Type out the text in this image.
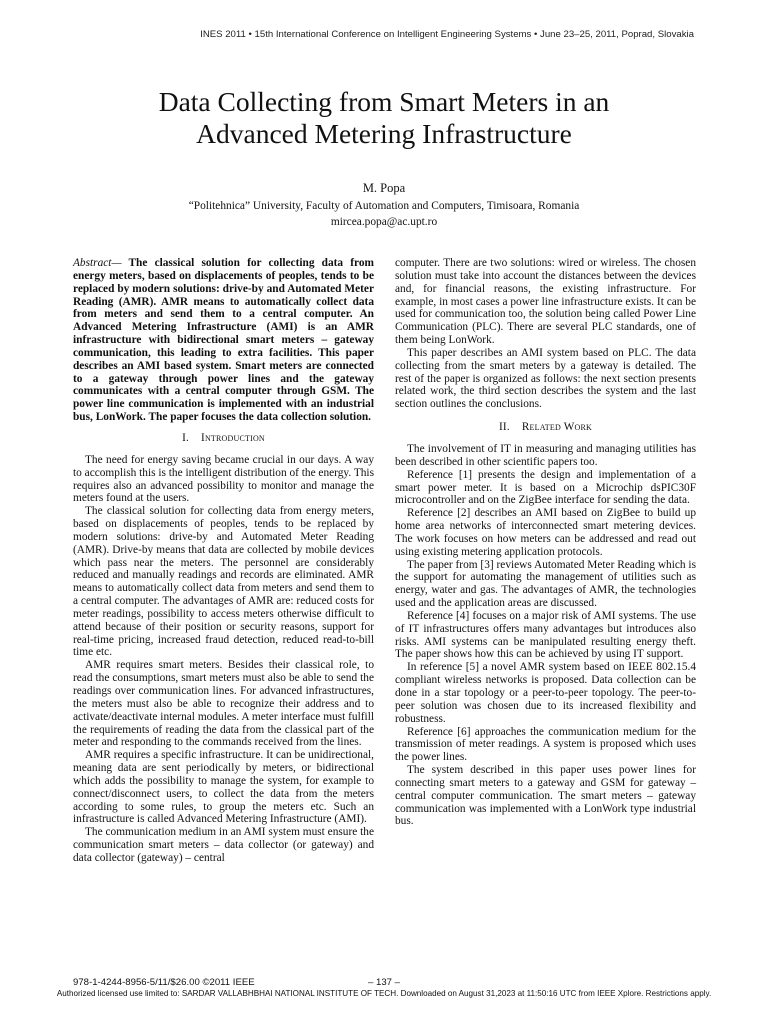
INES 2011 • 15th International Conference on Intelligent Engineering Systems • June 23–25, 2011, Poprad, Slovakia
Data Collecting from Smart Meters in an
Advanced Metering Infrastructure
M. Popa
“Politehnica” University, Faculty of Automation and Computers, Timisoara, Romania
mircea.popa@ac.upt.ro

Abstract— The classical solution for collecting data from energy meters, based on displacements of peoples, tends to be replaced by modern solutions: drive-by and Automated Meter Reading (AMR). AMR means to automatically collect data from meters and send them to a central computer. An Advanced Metering Infrastructure (AMI) is an AMR infrastructure with bidirectional smart meters – gateway communication, this leading to extra facilities. This paper describes an AMI based system. Smart meters are connected to a gateway through power lines and the gateway communicates with a central computer through GSM. The power line communication is implemented with an industrial bus, LonWork. The paper focuses the data collection solution.

I. Introduction

The need for energy saving became crucial in our days. A way to accomplish this is the intelligent distribution of the energy. This requires also an advanced possibility to monitor and manage the meters found at the users.

The classical solution for collecting data from energy meters, based on displacements of peoples, tends to be replaced by modern solutions: drive-by and Automated Meter Reading (AMR). Drive-by means that data are collected by mobile devices which pass near the meters. The personnel are considerably reduced and manually readings and records are eliminated. AMR means to automatically collect data from meters and send them to a central computer. The advantages of AMR are: reduced costs for meter readings, possibility to access meters otherwise difficult to attend because of their position or security reasons, support for real-time pricing, increased fraud detection, reduced read-to-bill time etc.

AMR requires smart meters. Besides their classical role, to read the consumptions, smart meters must also be able to send the readings over communication lines. For advanced infrastructures, the meters must also be able to recognize their address and to activate/deactivate internal modules. A meter interface must fulfill the requirements of reading the data from the classical part of the meter and responding to the commands received from the lines.

AMR requires a specific infrastructure. It can be unidirectional, meaning data are sent periodically by meters, or bidirectional which adds the possibility to manage the system, for example to connect/disconnect users, to collect the data from the meters according to some rules, to group the meters etc. Such an infrastructure is called Advanced Metering Infrastructure (AMI).

The communication medium in an AMI system must ensure the communication smart meters – data collector (or gateway) and data collector (gateway) – central

computer. There are two solutions: wired or wireless. The chosen solution must take into account the distances between the devices and, for financial reasons, the existing infrastructure. For example, in most cases a power line infrastructure exists. It can be used for communication too, the solution being called Power Line Communication (PLC). There are several PLC standards, one of them being LonWork.

This paper describes an AMI system based on PLC. The data collecting from the smart meters by a gateway is detailed. The rest of the paper is organized as follows: the next section presents related work, the third section describes the system and the last section outlines the conclusions.

II. Related Work

The involvement of IT in measuring and managing utilities has been described in other scientific papers too.

Reference [1] presents the design and implementation of a smart power meter. It is based on a Microchip dsPIC30F microcontroller and on the ZigBee interface for sending the data.

Reference [2] describes an AMI based on ZigBee to build up home area networks of interconnected smart metering devices. The work focuses on how meters can be addressed and read out using existing metering application protocols.

The paper from [3] reviews Automated Meter Reading which is the support for automating the management of utilities such as energy, water and gas. The advantages of AMR, the technologies used and the application areas are discussed.

Reference [4] focuses on a major risk of AMI systems. The use of IT infrastructures offers many advantages but introduces also risks. AMI systems can be manipulated resulting energy theft. The paper shows how this can be achieved by using IT support.

In reference [5] a novel AMR system based on IEEE 802.15.4 compliant wireless networks is proposed. Data collection can be done in a star topology or a peer-to-peer topology. The peer-to-peer solution was chosen due to its increased flexibility and robustness.

Reference [6] approaches the communication medium for the transmission of meter readings. A system is proposed which uses the power lines.

The system described in this paper uses power lines for connecting smart meters to a gateway and GSM for gateway – central computer communication. The smart meters – gateway communication was implemented with a LonWork type industrial bus.

978-1-4244-8956-5/11/$26.00 ©2011 IEEE	– 137 –
Authorized licensed use limited to: SARDAR VALLABHBHAI NATIONAL INSTITUTE OF TECH. Downloaded on August 31,2023 at 11:50:16 UTC from IEEE Xplore. Restrictions apply.
